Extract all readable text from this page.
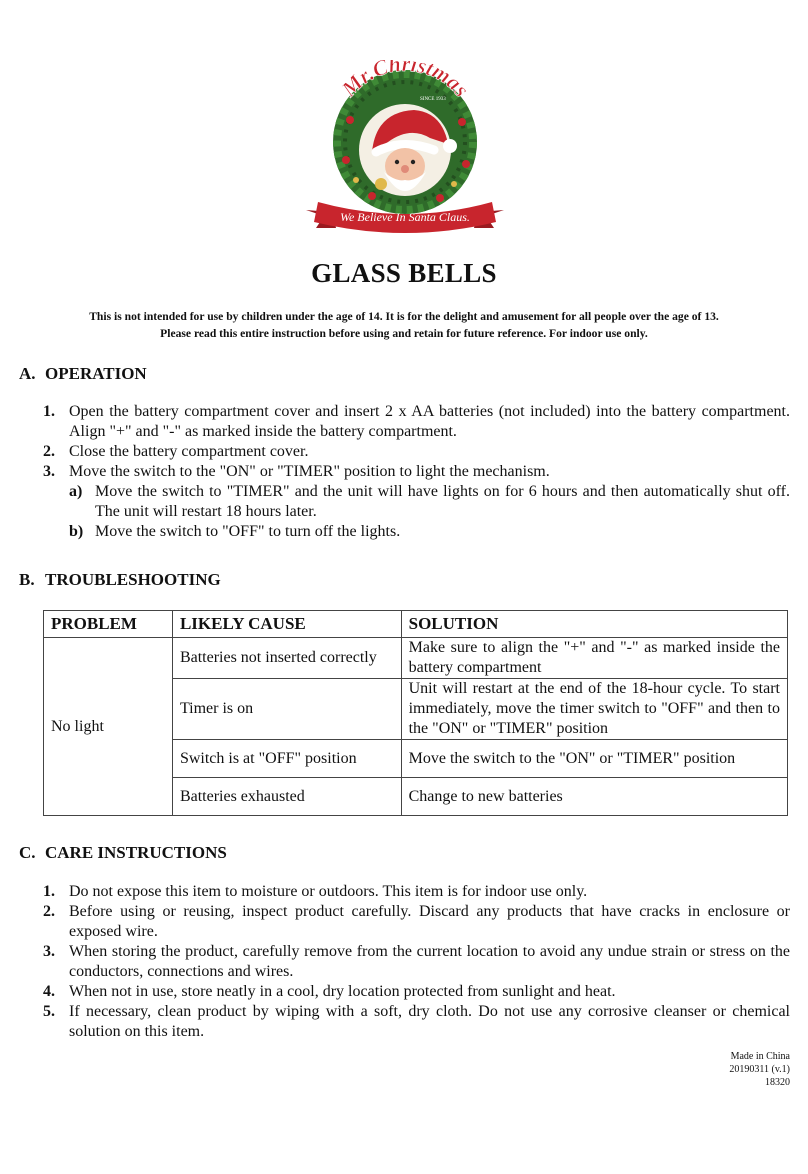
Mr.Christmas
SINCE 1933
We Believe In Santa Claus.
GLASS BELLS
This is not intended for use by children under the age of 14. It is for the delight and amusement for all people over the age of 13.
Please read this entire instruction before using and retain for future reference. For indoor use only.
A. OPERATION
1. Open the battery compartment cover and insert 2 x AA batteries (not included) into the battery compartment. Align "+" and "-" as marked inside the battery compartment.
2. Close the battery compartment cover.
3. Move the switch to the "ON" or "TIMER" position to light the mechanism.
a) Move the switch to "TIMER" and the unit will have lights on for 6 hours and then automatically shut off. The unit will restart 18 hours later.
b) Move the switch to "OFF" to turn off the lights.
B. TROUBLESHOOTING
PROBLEM	LIKELY CAUSE	SOLUTION
No light	Batteries not inserted correctly	Make sure to align the "+" and "-" as marked inside the battery compartment
	Timer is on	Unit will restart at the end of the 18-hour cycle. To start immediately, move the timer switch to "OFF" and then to the "ON" or "TIMER" position
	Switch is at "OFF" position	Move the switch to the "ON" or "TIMER" position
	Batteries exhausted	Change to new batteries
C. CARE INSTRUCTIONS
1. Do not expose this item to moisture or outdoors. This item is for indoor use only.
2. Before using or reusing, inspect product carefully. Discard any products that have cracks in enclosure or exposed wire.
3. When storing the product, carefully remove from the current location to avoid any undue strain or stress on the conductors, connections and wires.
4. When not in use, store neatly in a cool, dry location protected from sunlight and heat.
5. If necessary, clean product by wiping with a soft, dry cloth. Do not use any corrosive cleanser or chemical solution on this item.
Made in China
20190311 (v.1)
18320
